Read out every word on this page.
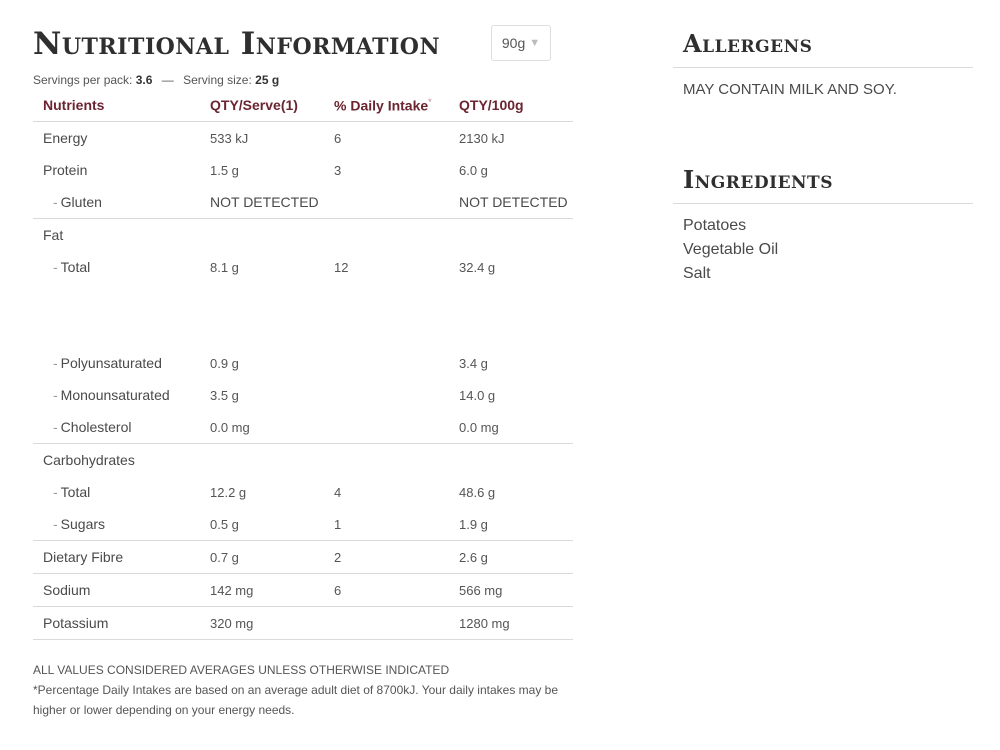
Nutritional Information	90g ▼
Servings per pack: 3.6 — Serving size: 25 g
Nutrients	QTY/Serve(1)	% Daily Intake*	QTY/100g
Energy	533 kJ	6	2130 kJ
Protein	1.5 g	3	6.0 g
- Gluten	NOT DETECTED		NOT DETECTED
Fat			
- Total	8.1 g	12	32.4 g

- Polyunsaturated	0.9 g		3.4 g
- Monounsaturated	3.5 g		14.0 g
- Cholesterol	0.0 mg		0.0 mg
Carbohydrates			
- Total	12.2 g	4	48.6 g
- Sugars	0.5 g	1	1.9 g
Dietary Fibre	0.7 g	2	2.6 g
Sodium	142 mg	6	566 mg
Potassium	320 mg		1280 mg
ALL VALUES CONSIDERED AVERAGES UNLESS OTHERWISE INDICATED
*Percentage Daily Intakes are based on an average adult diet of 8700kJ. Your daily intakes may be higher or lower depending on your energy needs.
Allergens
MAY CONTAIN MILK AND SOY.
Ingredients
Potatoes
Vegetable Oil
Salt
